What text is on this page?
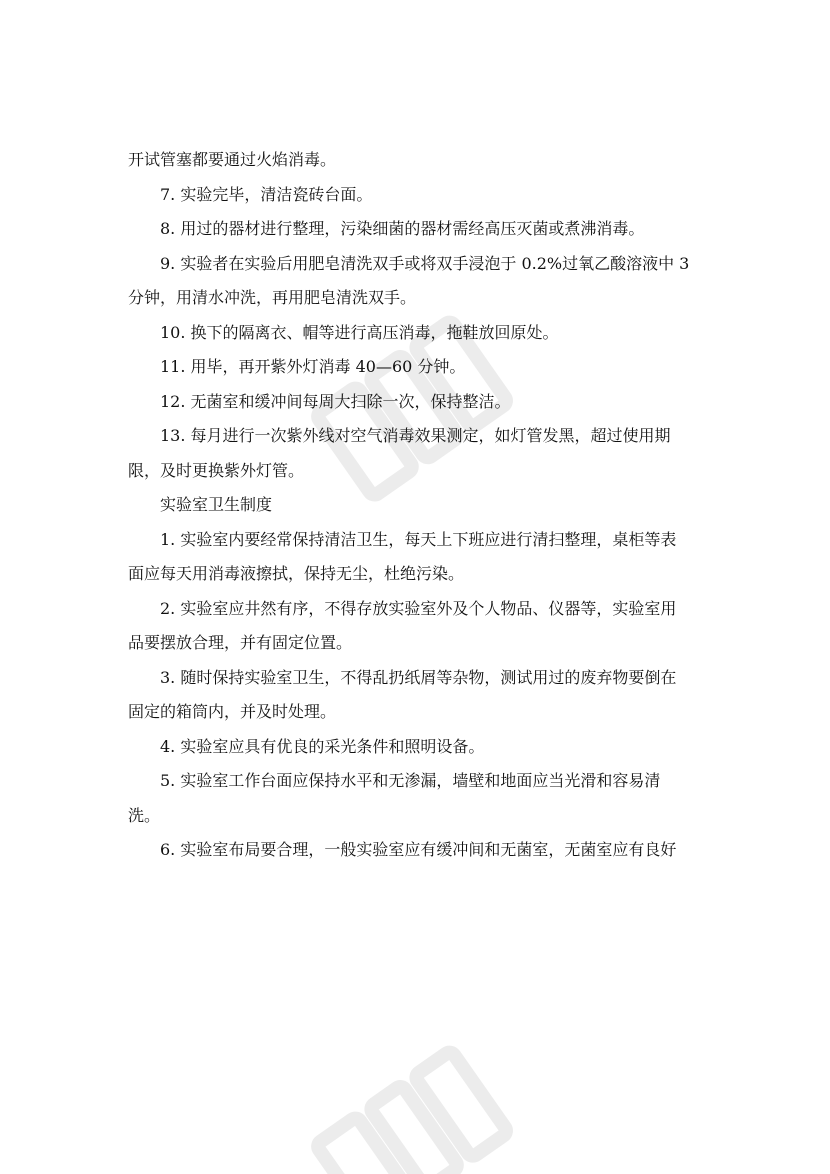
开试管塞都要通过火焰消毒。
7. 实验完毕，清洁瓷砖台面。
8. 用过的器材进行整理，污染细菌的器材需经高压灭菌或煮沸消毒。
9. 实验者在实验后用肥皂清洗双手或将双手浸泡于 0.2%过氧乙酸溶液中 3
分钟，用清水冲洗，再用肥皂清洗双手。
10. 换下的隔离衣、帽等进行高压消毒，拖鞋放回原处。
11. 用毕，再开紫外灯消毒 40—60 分钟。
12. 无菌室和缓冲间每周大扫除一次，保持整洁。
13. 每月进行一次紫外线对空气消毒效果测定，如灯管发黑，超过使用期
限，及时更换紫外灯管。
实验室卫生制度
1. 实验室内要经常保持清洁卫生，每天上下班应进行清扫整理，桌柜等表
面应每天用消毒液擦拭，保持无尘，杜绝污染。
2. 实验室应井然有序，不得存放实验室外及个人物品、仪器等，实验室用
品要摆放合理，并有固定位置。
3. 随时保持实验室卫生，不得乱扔纸屑等杂物，测试用过的废弃物要倒在
固定的箱筒内，并及时处理。
4. 实验室应具有优良的采光条件和照明设备。
5. 实验室工作台面应保持水平和无渗漏，墙壁和地面应当光滑和容易清
洗。
6. 实验室布局要合理，一般实验室应有缓冲间和无菌室，无菌室应有良好
